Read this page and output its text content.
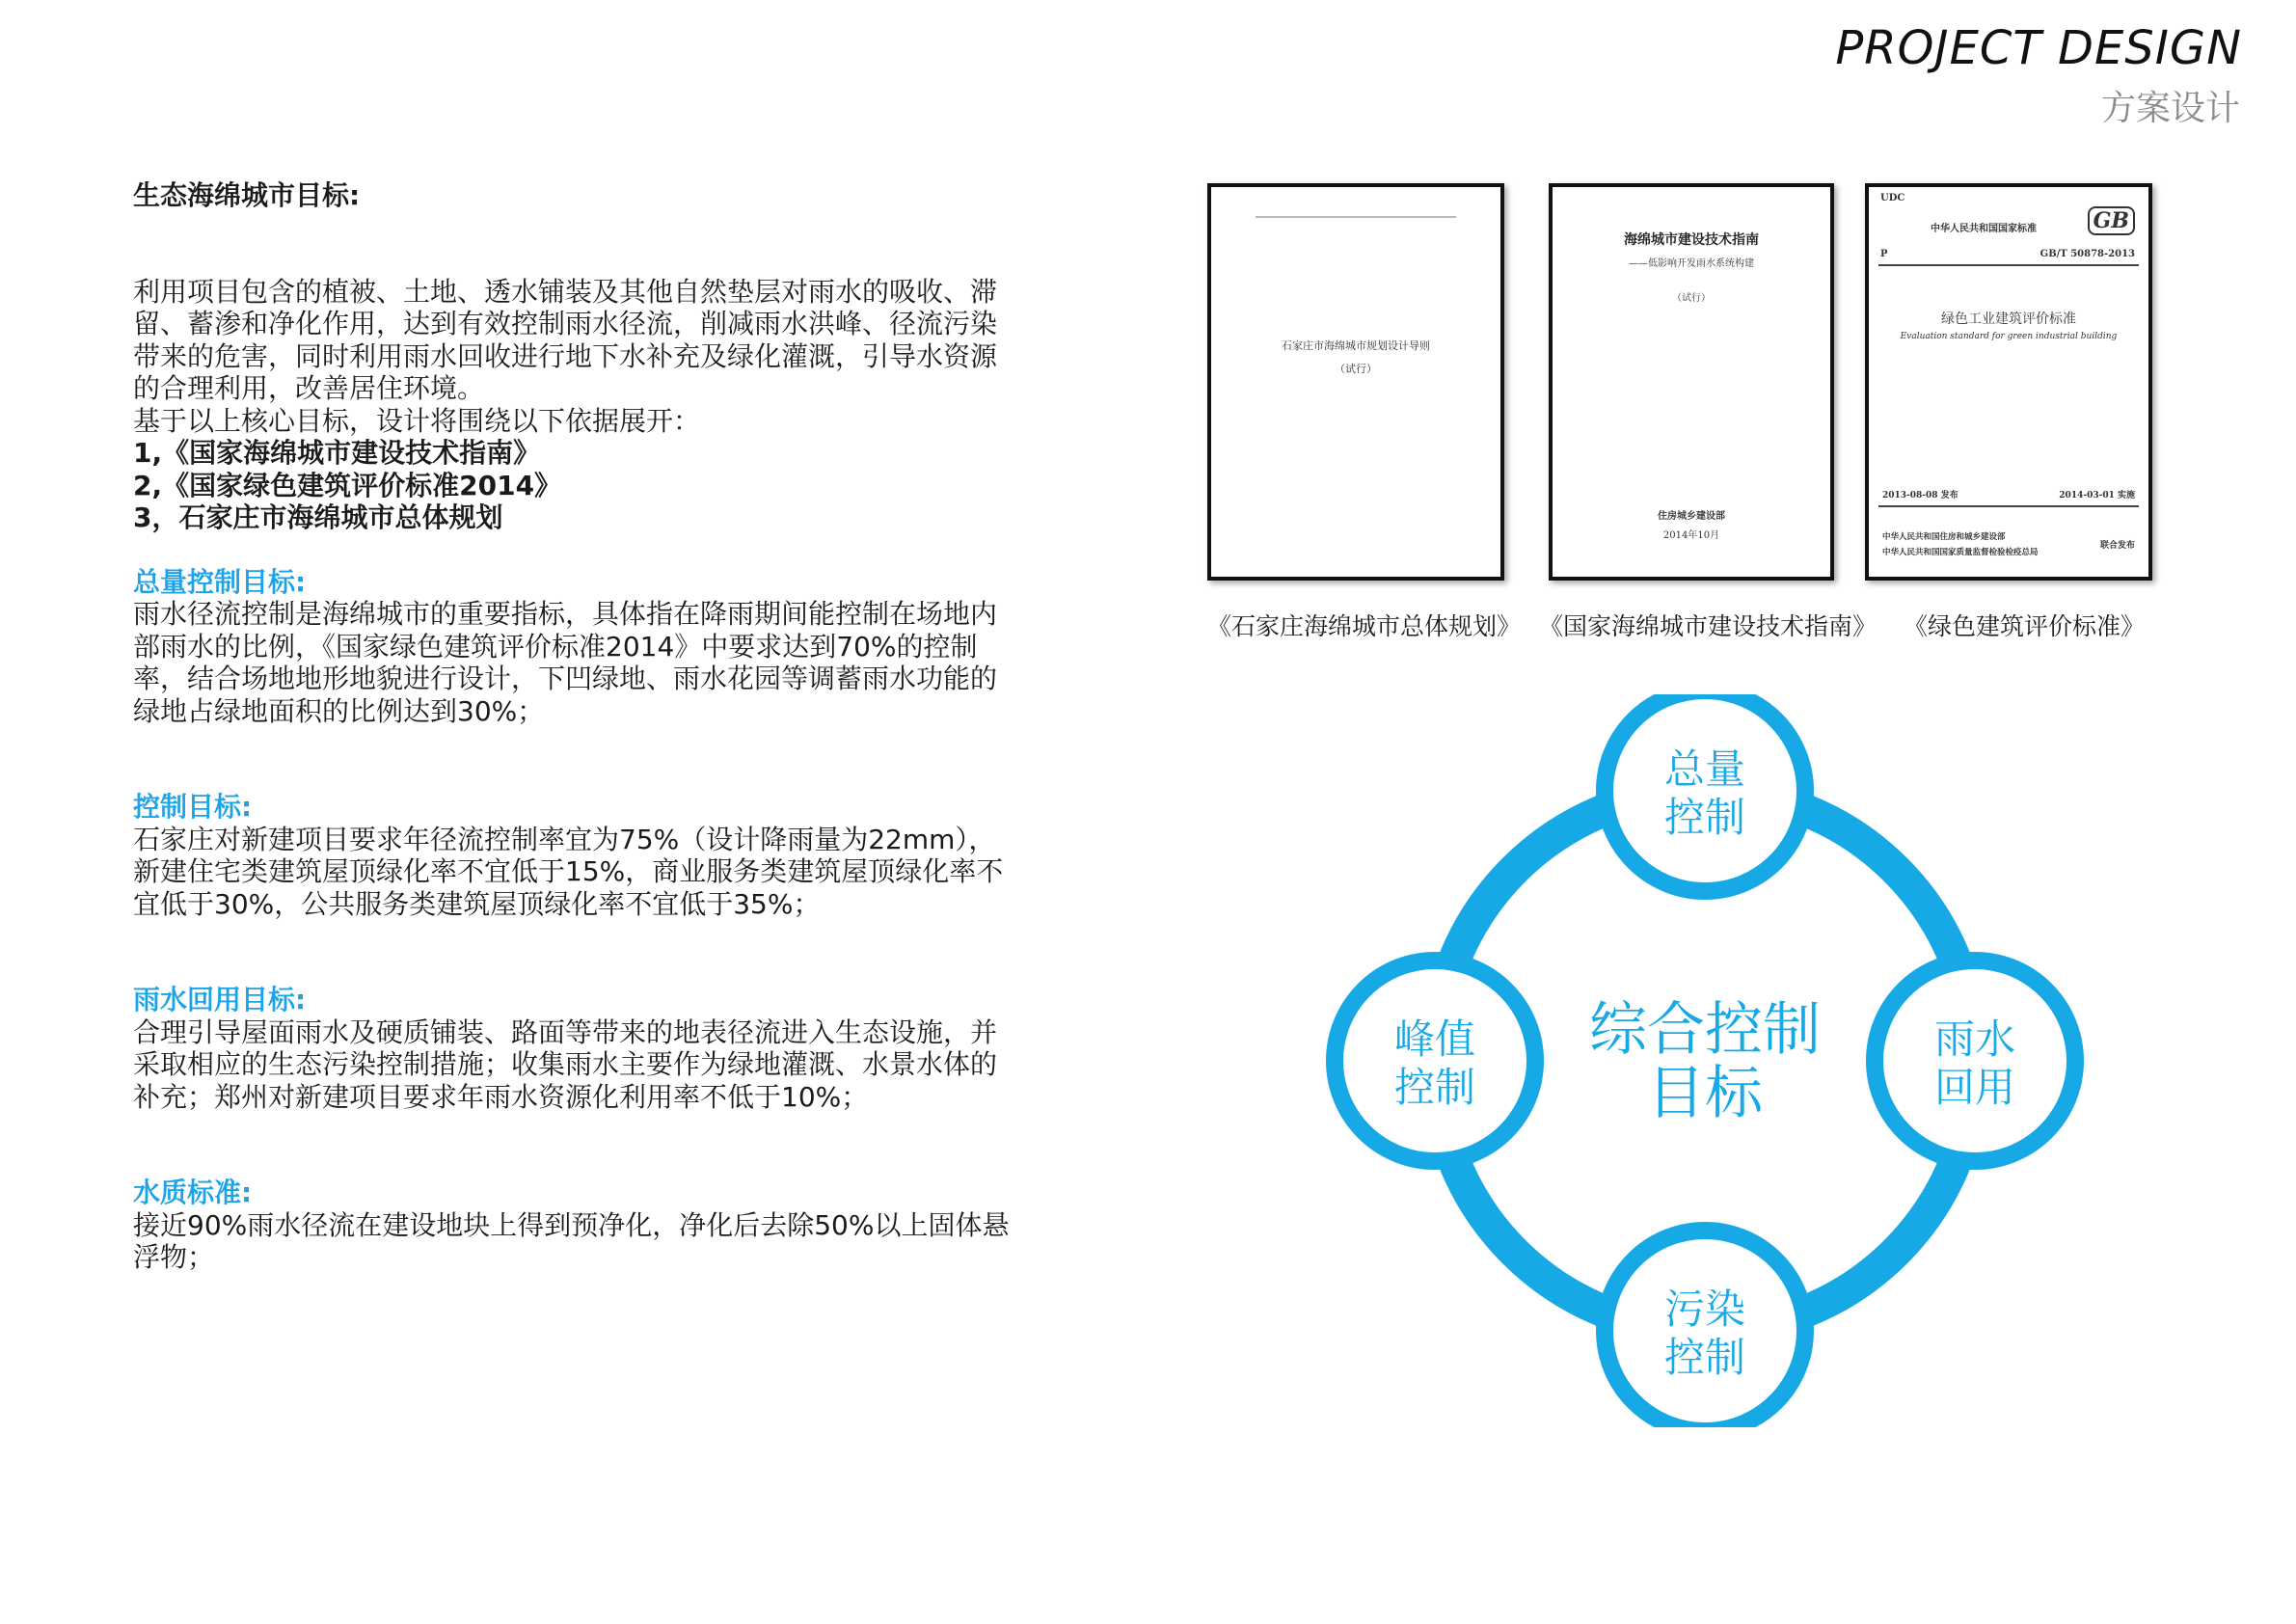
PROJECT DESIGN
方案设计

生态海绵城市目标:

利用项目包含的植被、土地、透水铺装及其他自然垫层对雨水的吸收、滞留、蓄渗和净化作用，达到有效控制雨水径流，削减雨水洪峰、径流污染带来的危害，同时利用雨水回收进行地下水补充及绿化灌溉，引导水资源的合理利用，改善居住环境。

基于以上核心目标，设计将围绕以下依据展开：

1,《国家海绵城市建设技术指南》

2,《国家绿色建筑评价标准2014》

3，石家庄市海绵城市总体规划

总量控制目标:

雨水径流控制是海绵城市的重要指标，具体指在降雨期间能控制在场地内部雨水的比例，《国家绿色建筑评价标准2014》中要求达到70%的控制率，结合场地地形地貌进行设计，下凹绿地、雨水花园等调蓄雨水功能的绿地占绿地面积的比例达到30%；

控制目标:

石家庄对新建项目要求年径流控制率宜为75%（设计降雨量为22mm），新建住宅类建筑屋顶绿化率不宜低于15%，商业服务类建筑屋顶绿化率不宜低于30%，公共服务类建筑屋顶绿化率不宜低于35%；

雨水回用目标:

合理引导屋面雨水及硬质铺装、路面等带来的地表径流进入生态设施，并采取相应的生态污染控制措施；收集雨水主要作为绿地灌溉、水景水体的补充；郑州对新建项目要求年雨水资源化利用率不低于10%；

水质标准:

接近90%雨水径流在建设地块上得到预净化，净化后去除50%以上固体悬浮物；

石家庄市海绵城市规划设计导则
（试行）
《石家庄海绵城市总体规划》
海绵城市建设技术指南
——低影响开发雨水系统构建
（试行）
住房城乡建设部
2014年10月
《国家海绵城市建设技术指南》
UDC
中华人民共和国国家标准	GB
P	GB/T 50878-2013
绿色工业建筑评价标准
Evaluation standard for green industrial building
2013-08-08 发布	2014-03-01 实施
中华人民共和国住房和城乡建设部
中华人民共和国国家质量监督检验检疫总局
联合发布
《绿色建筑评价标准》
总量
控制
雨水
回用
污染
控制
峰值
控制
综合控制
目标
